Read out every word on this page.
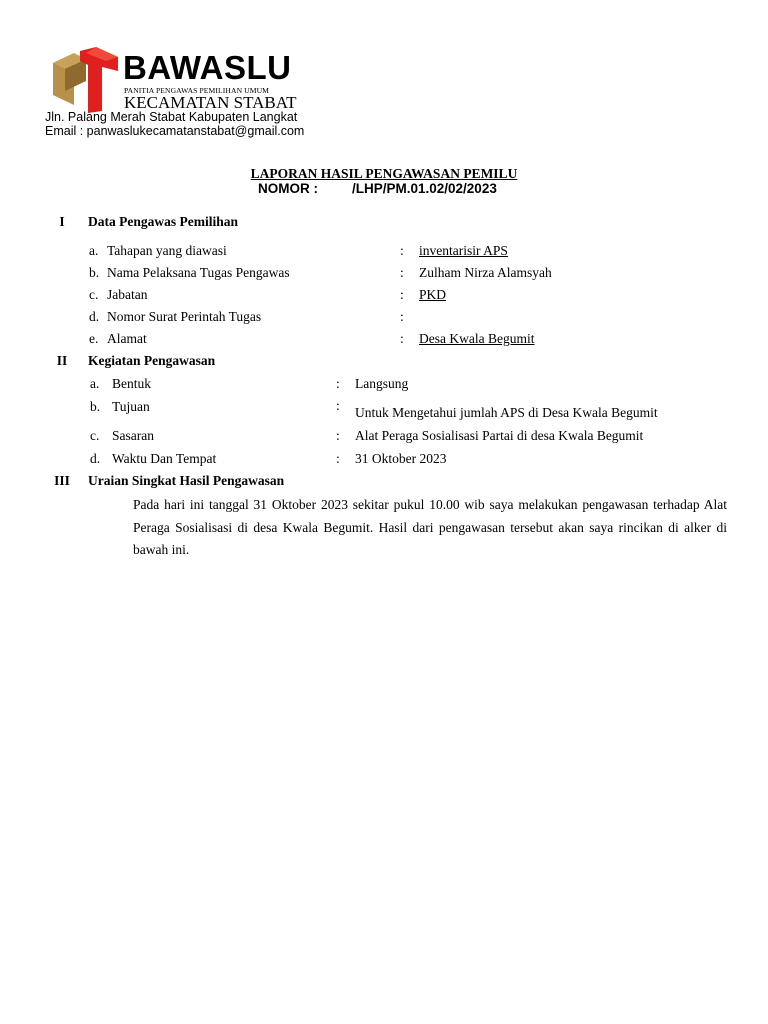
BAWASLU
PANITIA PENGAWAS PEMILIHAN UMUM
KECAMATAN STABAT
Jln. Palang Merah Stabat Kabupaten Langkat
Email : panwaslukecamatanstabat@gmail.com
LAPORAN HASIL PENGAWASAN PEMILU
NOMOR :	/LHP/PM.01.02/02/2023
I	Data Pengawas Pemilihan
a. Tahapan yang diawasi	: inventarisir APS
b. Nama Pelaksana Tugas Pengawas	: Zulham Nirza Alamsyah
c. Jabatan	: PKD
d. Nomor Surat Perintah Tugas	:
e. Alamat	: Desa Kwala Begumit
II	Kegiatan Pengawasan
a. Bentuk	: Langsung
b. Tujuan	: Untuk Mengetahui jumlah APS di Desa Kwala Begumit
c. Sasaran	: Alat Peraga Sosialisasi Partai di desa Kwala Begumit
d. Waktu Dan Tempat	: 31 Oktober 2023
III	Uraian Singkat Hasil Pengawasan
Pada hari ini tanggal 31 Oktober 2023 sekitar pukul 10.00 wib saya melakukan pengawasan terhadap Alat Peraga Sosialisasi di desa Kwala Begumit. Hasil dari pengawasan tersebut akan saya rincikan di alker di bawah ini.
